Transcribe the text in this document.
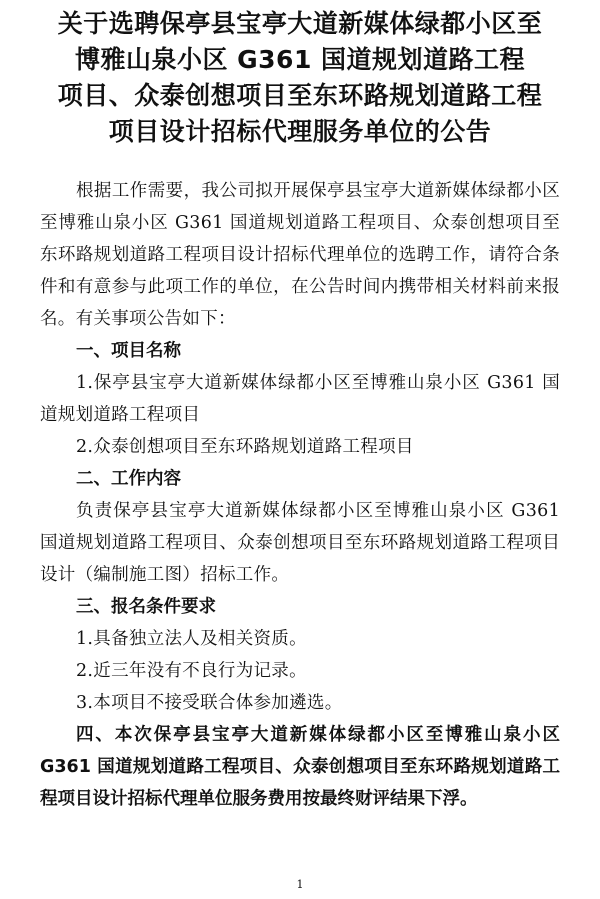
关于选聘保亭县宝亭大道新媒体绿都小区至
博雅山泉小区 G361 国道规划道路工程
项目、众泰创想项目至东环路规划道路工程
项目设计招标代理服务单位的公告

根据工作需要，我公司拟开展保亭县宝亭大道新媒体绿都小区至博雅山泉小区 G361 国道规划道路工程项目、众泰创想项目至东环路规划道路工程项目设计招标代理单位的选聘工作，请符合条件和有意参与此项工作的单位，在公告时间内携带相关材料前来报名。有关事项公告如下：

一、项目名称

1.保亭县宝亭大道新媒体绿都小区至博雅山泉小区 G361 国道规划道路工程项目

2.众泰创想项目至东环路规划道路工程项目

二、工作内容

负责保亭县宝亭大道新媒体绿都小区至博雅山泉小区 G361 国道规划道路工程项目、众泰创想项目至东环路规划道路工程项目设计（编制施工图）招标工作。

三、报名条件要求

1.具备独立法人及相关资质。

2.近三年没有不良行为记录。

3.本项目不接受联合体参加遴选。

四、本次保亭县宝亭大道新媒体绿都小区至博雅山泉小区 G361 国道规划道路工程项目、众泰创想项目至东环路规划道路工程项目设计招标代理单位服务费用按最终财评结果下浮。

1
